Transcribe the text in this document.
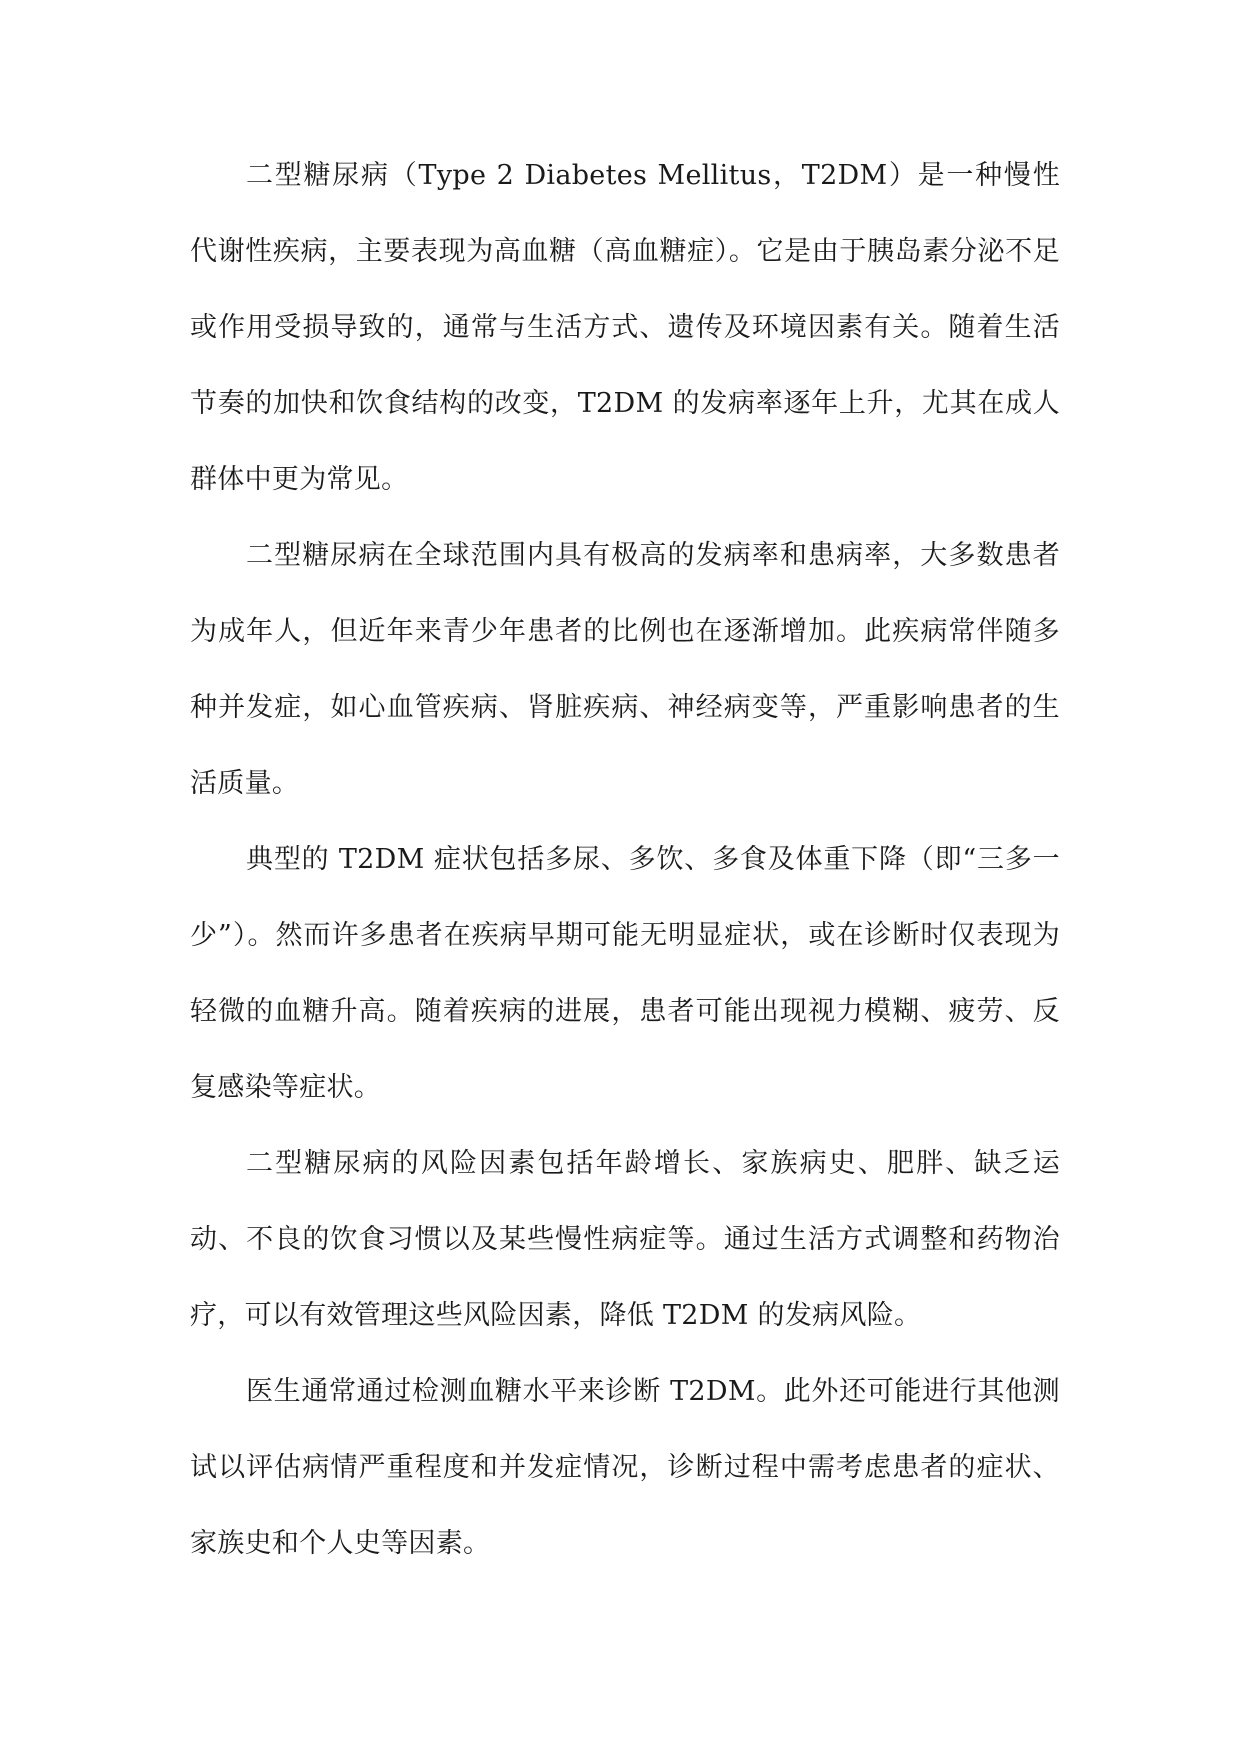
二型糖尿病（Type 2 Diabetes Mellitus，T2DM）是一种慢性代谢性疾病，主要表现为高血糖（高血糖症）。它是由于胰岛素分泌不足或作用受损导致的，通常与生活方式、遗传及环境因素有关。随着生活节奏的加快和饮食结构的改变，T2DM 的发病率逐年上升，尤其在成人群体中更为常见。

二型糖尿病在全球范围内具有极高的发病率和患病率，大多数患者为成年人，但近年来青少年患者的比例也在逐渐增加。此疾病常伴随多种并发症，如心血管疾病、肾脏疾病、神经病变等，严重影响患者的生活质量。

典型的 T2DM 症状包括多尿、多饮、多食及体重下降（即“三多一少”）。然而许多患者在疾病早期可能无明显症状，或在诊断时仅表现为轻微的血糖升高。随着疾病的进展，患者可能出现视力模糊、疲劳、反复感染等症状。

二型糖尿病的风险因素包括年龄增长、家族病史、肥胖、缺乏运动、不良的饮食习惯以及某些慢性病症等。通过生活方式调整和药物治疗，可以有效管理这些风险因素，降低 T2DM 的发病风险。

医生通常通过检测血糖水平来诊断 T2DM。此外还可能进行其他测试以评估病情严重程度和并发症情况，诊断过程中需考虑患者的症状、家族史和个人史等因素。
